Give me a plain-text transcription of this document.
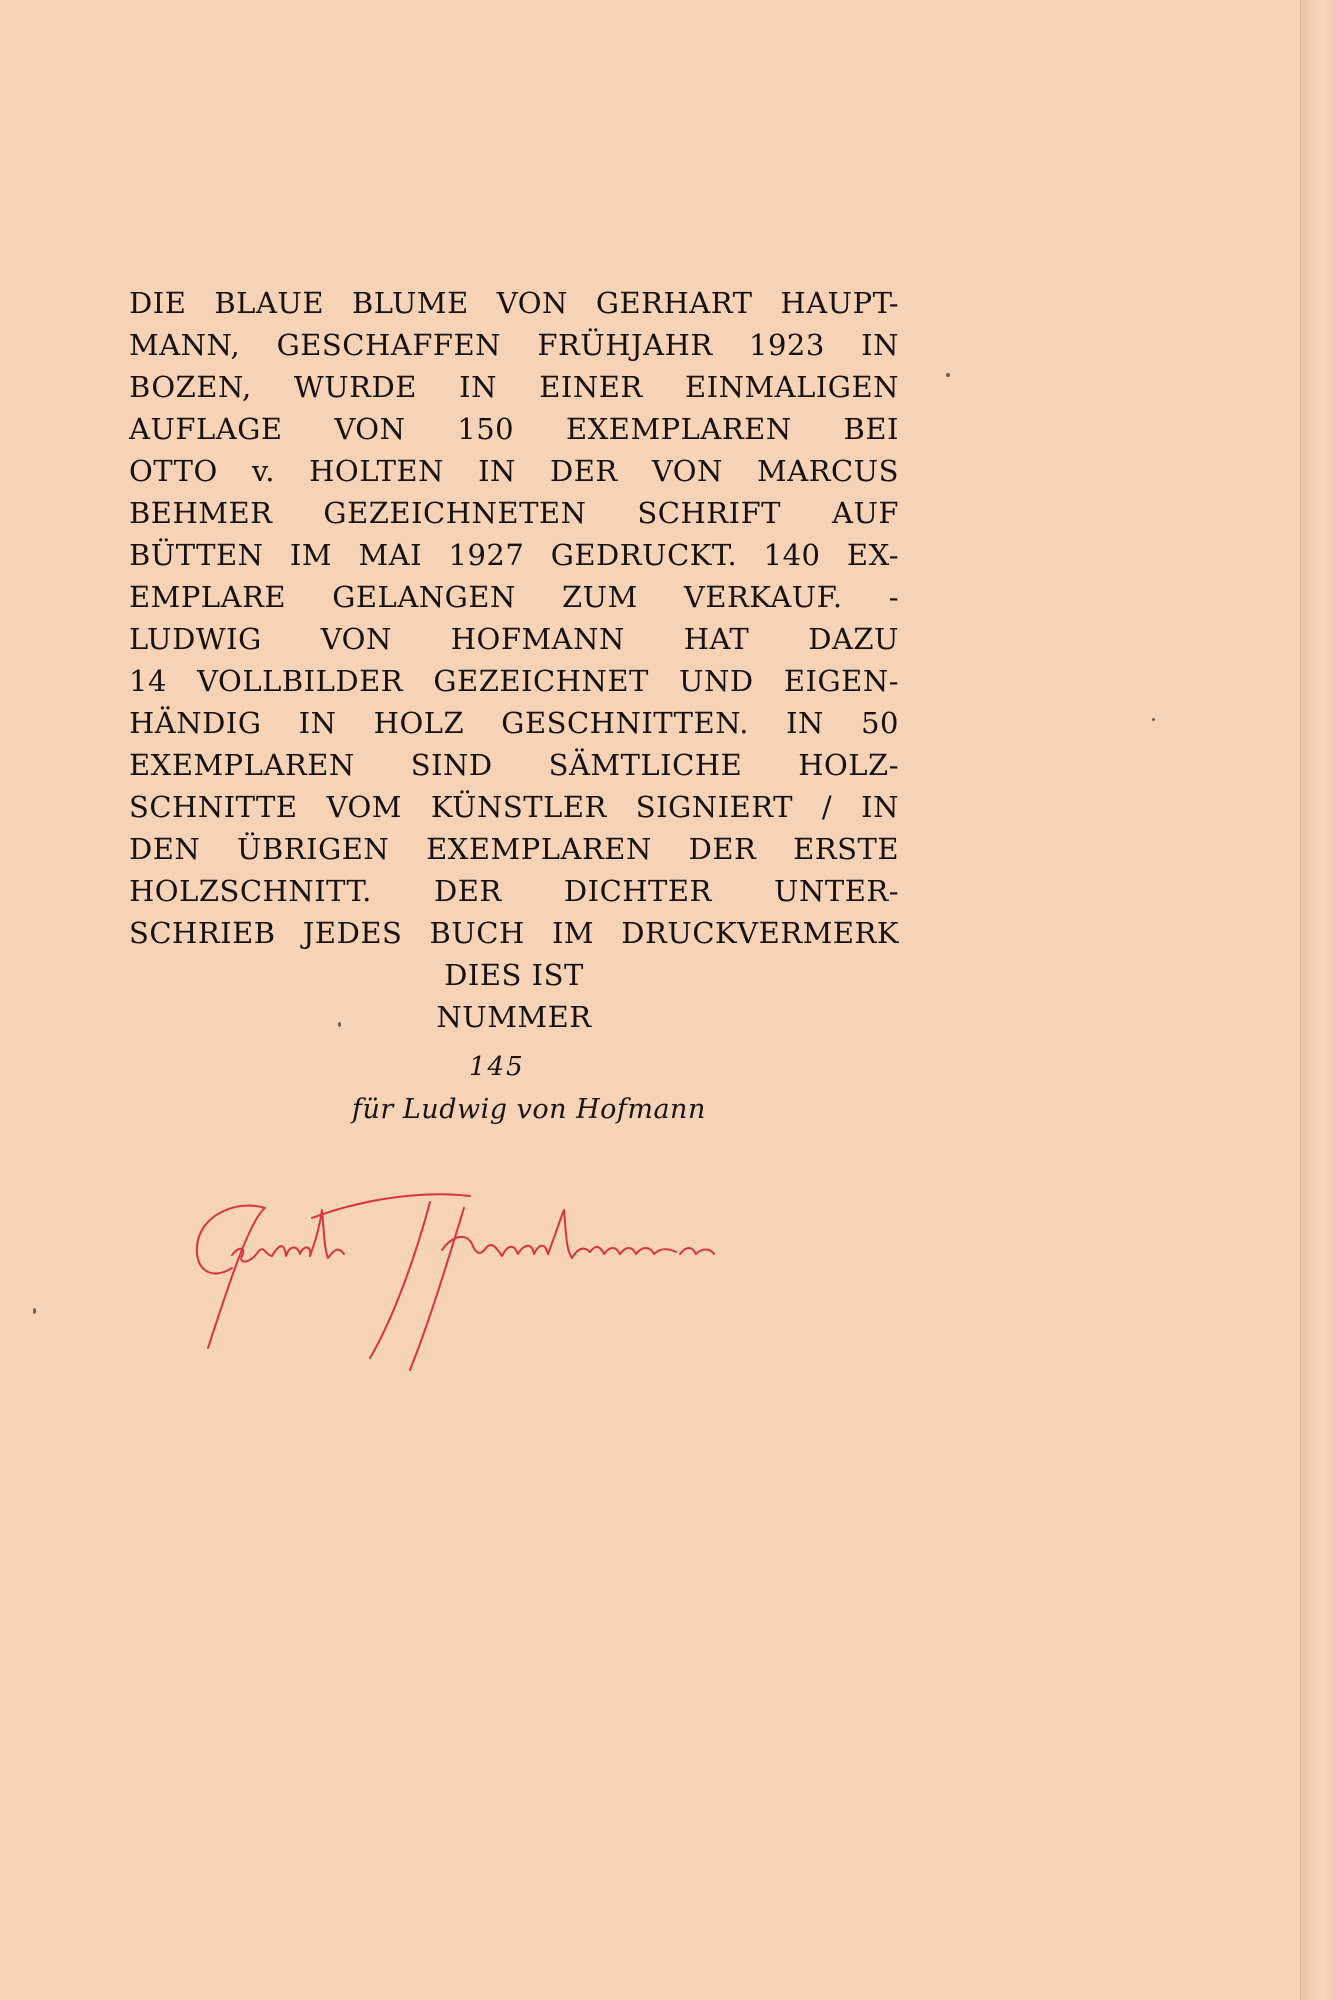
DIE BLAUE BLUME VON GERHART HAUPT-
MANN, GESCHAFFEN FRÜHJAHR 1923 IN
BOZEN, WURDE IN EINER EINMALIGEN
AUFLAGE VON 150 EXEMPLAREN BEI
OTTO v. HOLTEN IN DER VON MARCUS
BEHMER GEZEICHNETEN SCHRIFT AUF
BÜTTEN IM MAI 1927 GEDRUCKT. 140 EX-
EMPLARE GELANGEN ZUM VERKAUF. -
LUDWIG VON HOFMANN HAT DAZU
14 VOLLBILDER GEZEICHNET UND EIGEN-
HÄNDIG IN HOLZ GESCHNITTEN. IN 50
EXEMPLAREN SIND SÄMTLICHE HOLZ-
SCHNITTE VOM KÜNSTLER SIGNIERT / IN
DEN ÜBRIGEN EXEMPLAREN DER ERSTE
HOLZSCHNITT. DER DICHTER UNTER-
SCHRIEB JEDES BUCH IM DRUCKVERMERK
DIES IST
NUMMER
145
für Ludwig von Hofmann
